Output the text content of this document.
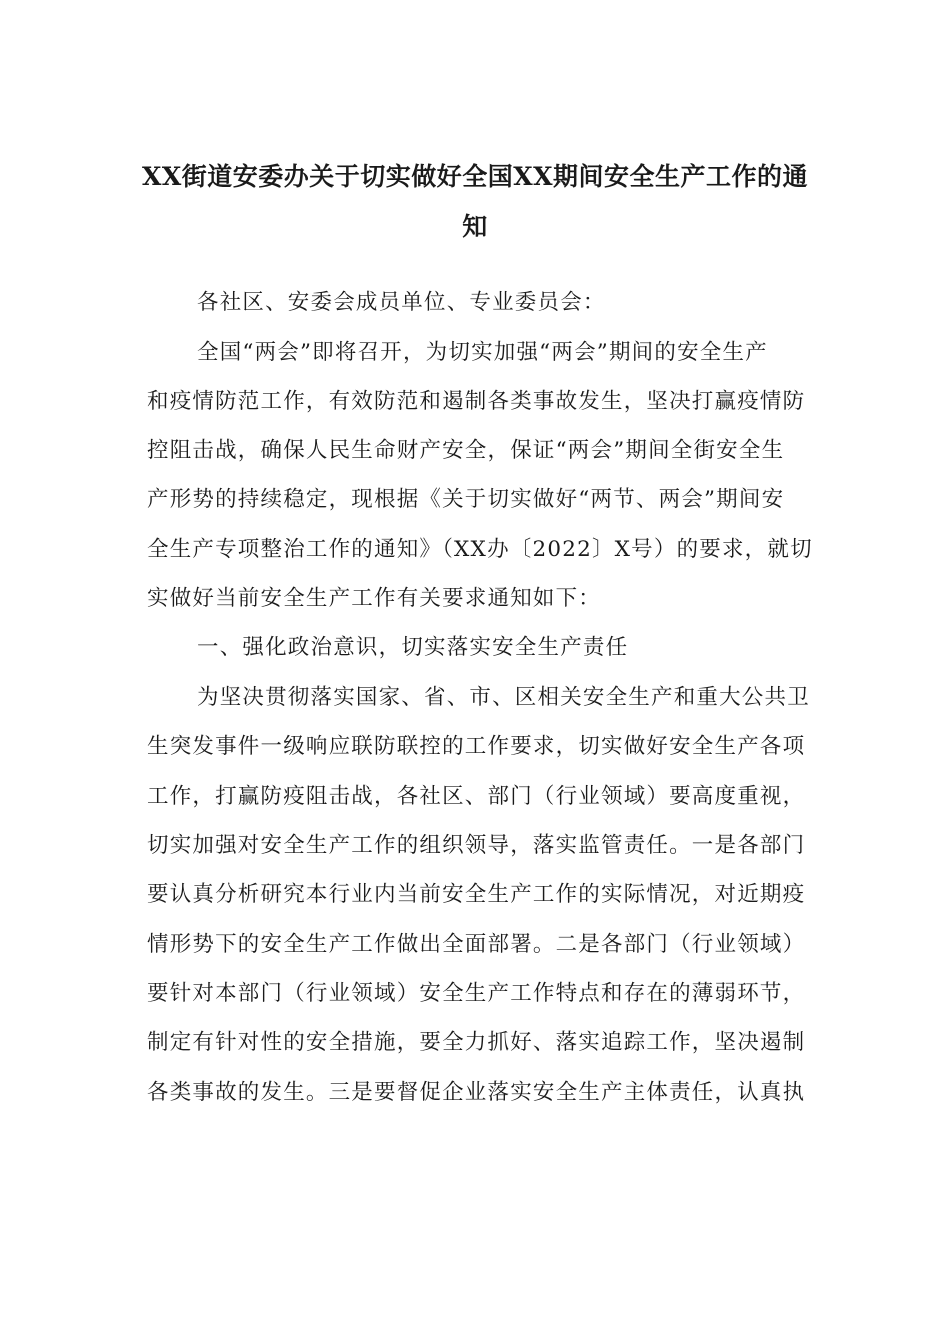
XX街道安委办关于切实做好全国XX期间安全生产工作的通
知

各社区、安委会成员单位、专业委员会：

全国“两会”即将召开，为切实加强“两会”期间的安全生产

和疫情防范工作，有效防范和遏制各类事故发生，坚决打赢疫情防

控阻击战，确保人民生命财产安全，保证“两会”期间全街安全生

产形势的持续稳定，现根据《关于切实做好“两节、两会”期间安

全生产专项整治工作的通知》（XX办〔2022〕X号）的要求，就切

实做好当前安全生产工作有关要求通知如下：

一、强化政治意识，切实落实安全生产责任

为坚决贯彻落实国家、省、市、区相关安全生产和重大公共卫

生突发事件一级响应联防联控的工作要求，切实做好安全生产各项

工作，打赢防疫阻击战，各社区、部门（行业领域）要高度重视，

切实加强对安全生产工作的组织领导，落实监管责任。一是各部门

要认真分析研究本行业内当前安全生产工作的实际情况，对近期疫

情形势下的安全生产工作做出全面部署。二是各部门（行业领域）

要针对本部门（行业领域）安全生产工作特点和存在的薄弱环节，

制定有针对性的安全措施，要全力抓好、落实追踪工作，坚决遏制

各类事故的发生。三是要督促企业落实安全生产主体责任，认真执
